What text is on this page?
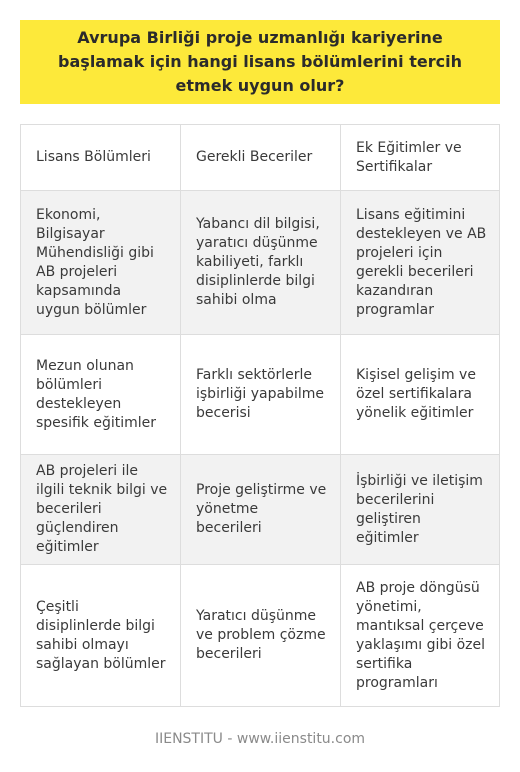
Avrupa Birliği proje uzmanlığı kariyerine başlamak için hangi lisans bölümlerini tercih etmek uygun olur?
Lisans Bölümleri	Gerekli Beceriler
Ek Eğitimler ve Sertifikalar
Ekonomi, Bilgisayar Mühendisliği gibi AB projeleri kapsamında uygun bölümler
Yabancı dil bilgisi, yaratıcı düşünme kabiliyeti, farklı disiplinlerde bilgi sahibi olma
Lisans eğitimini destekleyen ve AB projeleri için gerekli becerileri kazandıran programlar
Mezun olunan bölümleri destekleyen spesifik eğitimler
Farklı sektörlerle işbirliği yapabilme becerisi
Kişisel gelişim ve özel sertifikalara yönelik eğitimler
AB projeleri ile ilgili teknik bilgi ve becerileri güçlendiren eğitimler
Proje geliştirme ve yönetme becerileri
İşbirliği ve iletişim becerilerini geliştiren eğitimler
Çeşitli disiplinlerde bilgi sahibi olmayı sağlayan bölümler
Yaratıcı düşünme ve problem çözme becerileri
AB proje döngüsü yönetimi, mantıksal çerçeve yaklaşımı gibi özel sertifika programları
IIENSTITU - www.iienstitu.com
